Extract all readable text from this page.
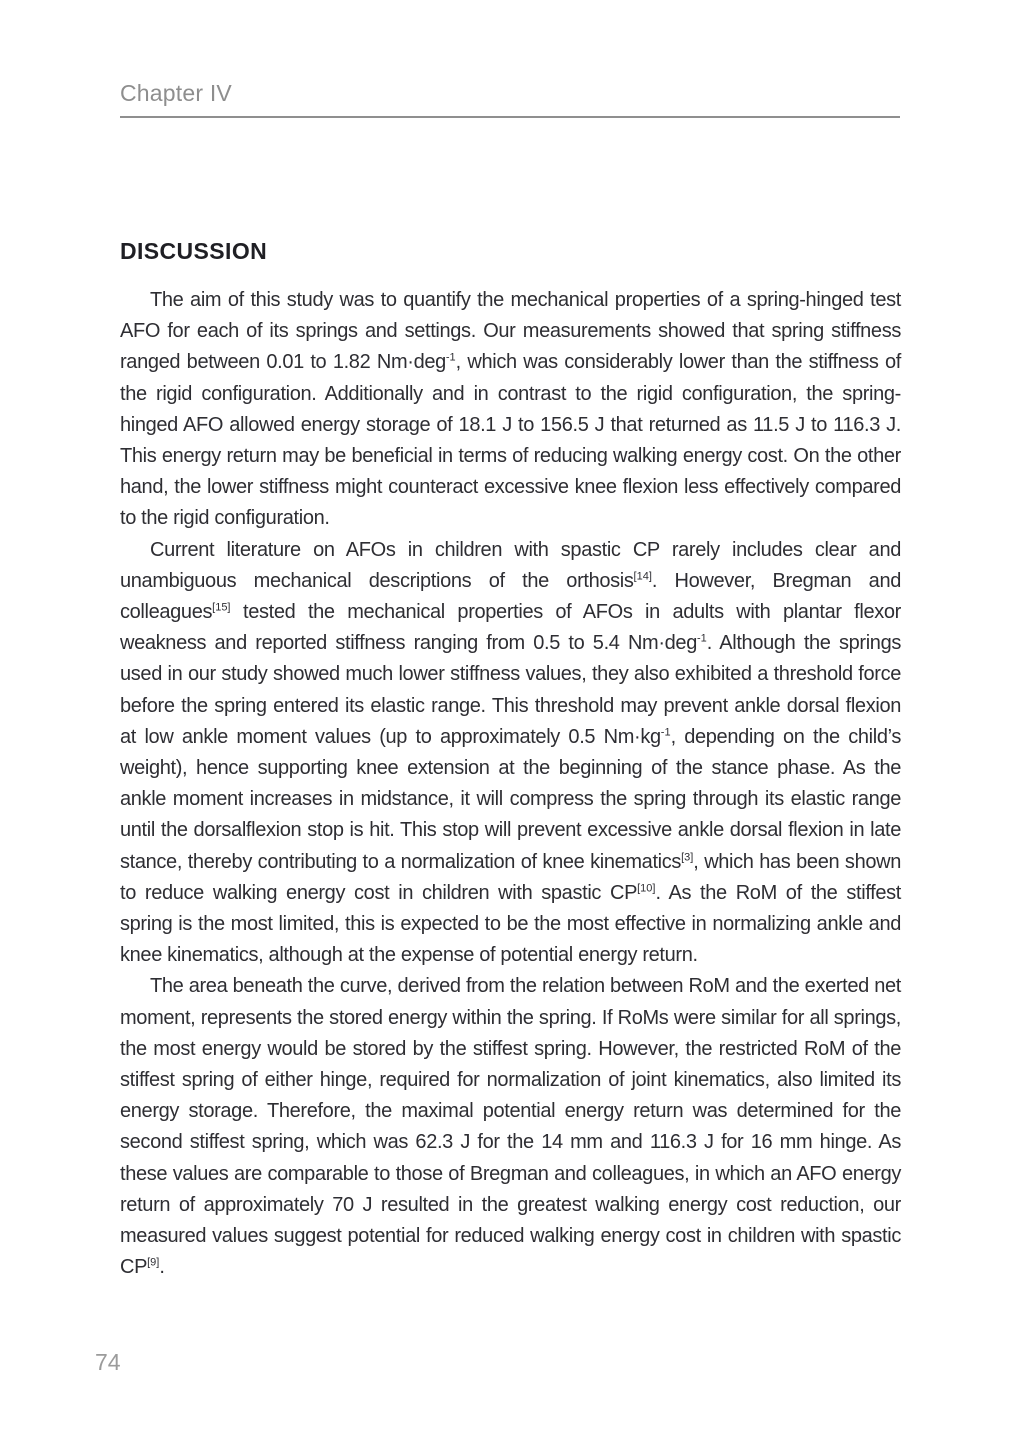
Chapter IV
DISCUSSION

The aim of this study was to quantify the mechanical properties of a spring-hinged test AFO for each of its springs and settings. Our measurements showed that spring stiffness ranged between 0.01 to 1.82 Nm·deg$^{-1}$, which was considerably lower than the stiffness of the rigid configuration. Additionally and in contrast to the rigid configuration, the spring-hinged AFO allowed energy storage of 18.1 J to 156.5 J that returned as 11.5 J to 116.3 J. This energy return may be beneficial in terms of reducing walking energy cost. On the other hand, the lower stiffness might counteract excessive knee flexion less effectively compared to the rigid configuration.

Current literature on AFOs in children with spastic CP rarely includes clear and unambiguous mechanical descriptions of the orthosis[14]. However, Bregman and colleagues[15] tested the mechanical properties of AFOs in adults with plantar flexor weakness and reported stiffness ranging from 0.5 to 5.4 Nm·deg$^{-1}$. Although the springs used in our study showed much lower stiffness values, they also exhibited a threshold force before the spring entered its elastic range. This threshold may prevent ankle dorsal flexion at low ankle moment values (up to approximately 0.5 $Nm\cdot kg^{-1}$, depending on the child’s weight), hence supporting knee extension at the beginning of the stance phase. As the ankle moment increases in midstance, it will compress the spring through its elastic range until the dorsalflexion stop is hit. This stop will prevent excessive ankle dorsal flexion in late stance, thereby contributing to a normalization of knee kinematics[3], which has been shown to reduce walking energy cost in children with spastic CP[10]. As the RoM of the stiffest spring is the most limited, this is expected to be the most effective in normalizing ankle and knee kinematics, although at the expense of potential energy return.

The area beneath the curve, derived from the relation between RoM and the exerted net moment, represents the stored energy within the spring. If RoMs were similar for all springs, the most energy would be stored by the stiffest spring. However, the restricted RoM of the stiffest spring of either hinge, required for normalization of joint kinematics, also limited its energy storage. Therefore, the maximal potential energy return was determined for the second stiffest spring, which was 62.3 J for the 14 mm and 116.3 J for 16 mm hinge. As these values are comparable to those of Bregman and colleagues, in which an AFO energy return of approximately 70 J resulted in the greatest walking energy cost reduction, our measured values suggest potential for reduced walking energy cost in children with spastic CP[9].

74
